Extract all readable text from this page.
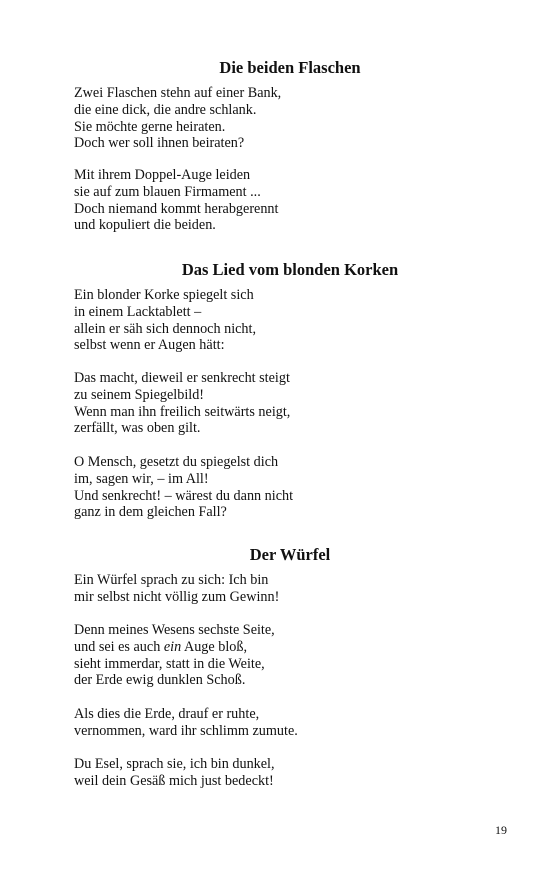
Die beiden Flaschen

Zwei Flaschen stehn auf einer Bank,
die eine dick, die andre schlank.
Sie möchte gerne heiraten.
Doch wer soll ihnen beiraten?

Mit ihrem Doppel-Auge leiden
sie auf zum blauen Firmament ...
Doch niemand kommt herabgerennt
und kopuliert die beiden.

Das Lied vom blonden Korken

Ein blonder Korke spiegelt sich
in einem Lacktablett –
allein er säh sich dennoch nicht,
selbst wenn er Augen hätt:

Das macht, dieweil er senkrecht steigt
zu seinem Spiegelbild!
Wenn man ihn freilich seitwärts neigt,
zerfällt, was oben gilt.

O Mensch, gesetzt du spiegelst dich
im, sagen wir, – im All!
Und senkrecht! – wärest du dann nicht
ganz in dem gleichen Fall?

Der Würfel

Ein Würfel sprach zu sich: Ich bin
mir selbst nicht völlig zum Gewinn!

Denn meines Wesens sechste Seite,
und sei es auch ein Auge bloß,
sieht immerdar, statt in die Weite,
der Erde ewig dunklen Schoß.

Als dies die Erde, drauf er ruhte,
vernommen, ward ihr schlimm zumute.

Du Esel, sprach sie, ich bin dunkel,
weil dein Gesäß mich just bedeckt!

19
